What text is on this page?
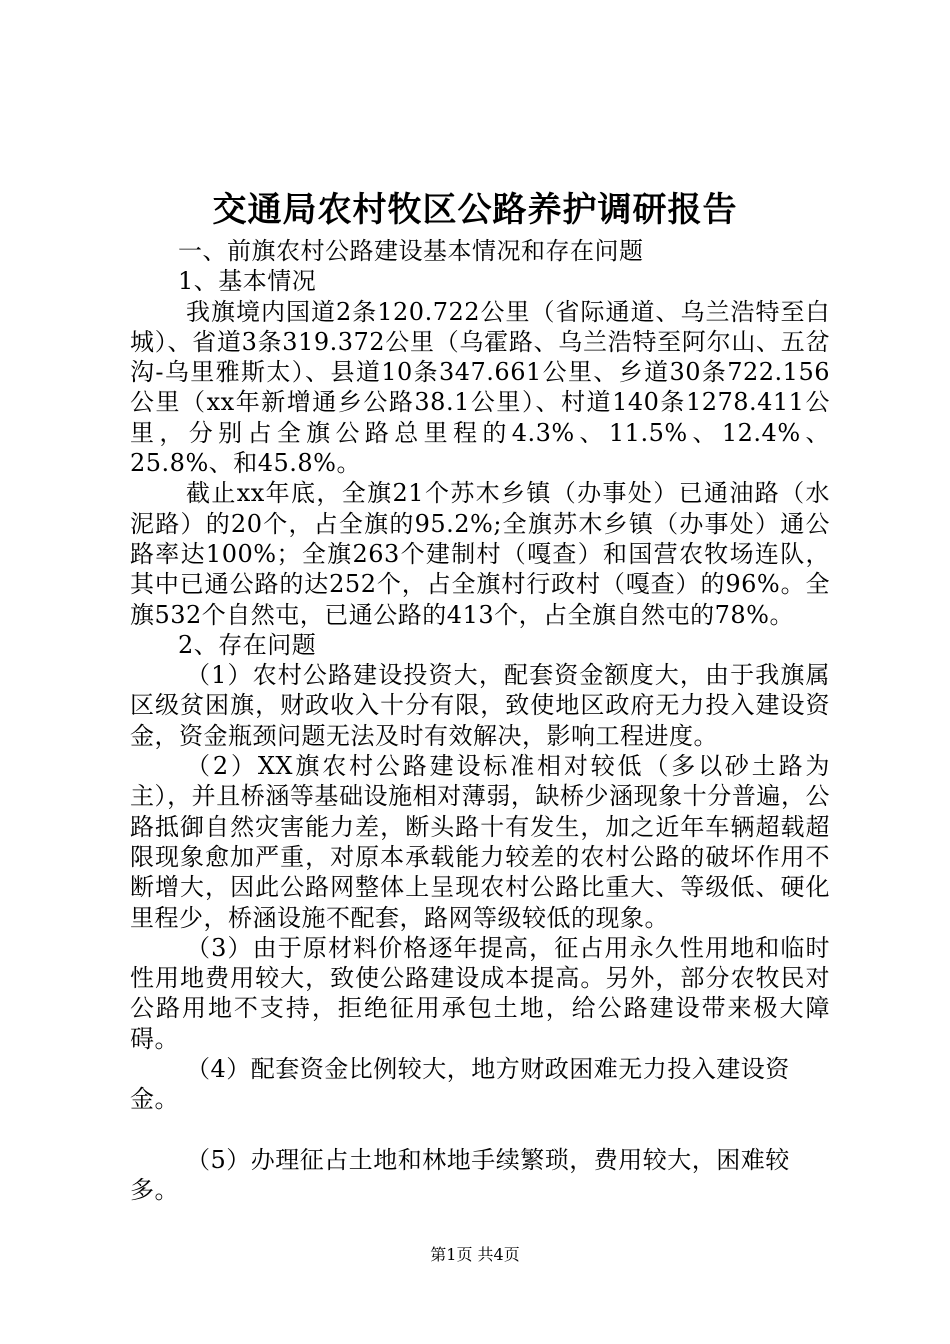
交通局农村牧区公路养护调研报告

一、前旗农村公路建设基本情况和存在问题

1、基本情况

我旗境内国道2条120.722公里（省际通道、乌兰浩特至白城）、省道3条319.372公里（乌霍路、乌兰浩特至阿尔山、五岔沟-乌里雅斯太）、县道10条347.661公里、乡道30条722.156公里（xx年新增通乡公路38.1公里）、村道140条1278.411公里，分别占全旗公路总里程的4.3%、11.5%、12.4%、25.8%、和45.8%。

截止xx年底，全旗21个苏木乡镇（办事处）已通油路（水泥路）的20个，占全旗的95.2%;全旗苏木乡镇（办事处）通公路率达100%；全旗263个建制村（嘎查）和国营农牧场连队，其中已通公路的达252个，占全旗村行政村（嘎查）的96%。全旗532个自然屯，已通公路的413个，占全旗自然屯的78%。

2、存在问题

（1）农村公路建设投资大，配套资金额度大，由于我旗属区级贫困旗，财政收入十分有限，致使地区政府无力投入建设资金，资金瓶颈问题无法及时有效解决，影响工程进度。

（2）XX旗农村公路建设标准相对较低（多以砂土路为主），并且桥涵等基础设施相对薄弱，缺桥少涵现象十分普遍，公路抵御自然灾害能力差，断头路十有发生，加之近年车辆超载超限现象愈加严重，对原本承载能力较差的农村公路的破坏作用不断增大，因此公路网整体上呈现农村公路比重大、等级低、硬化里程少，桥涵设施不配套，路网等级较低的现象。

（3）由于原材料价格逐年提高，征占用永久性用地和临时性用地费用较大，致使公路建设成本提高。另外，部分农牧民对公路用地不支持，拒绝征用承包土地，给公路建设带来极大障碍。

（4）配套资金比例较大，地方财政困难无力投入建设资金。

（5）办理征占土地和林地手续繁琐，费用较大，困难较多。

第1页 共4页
